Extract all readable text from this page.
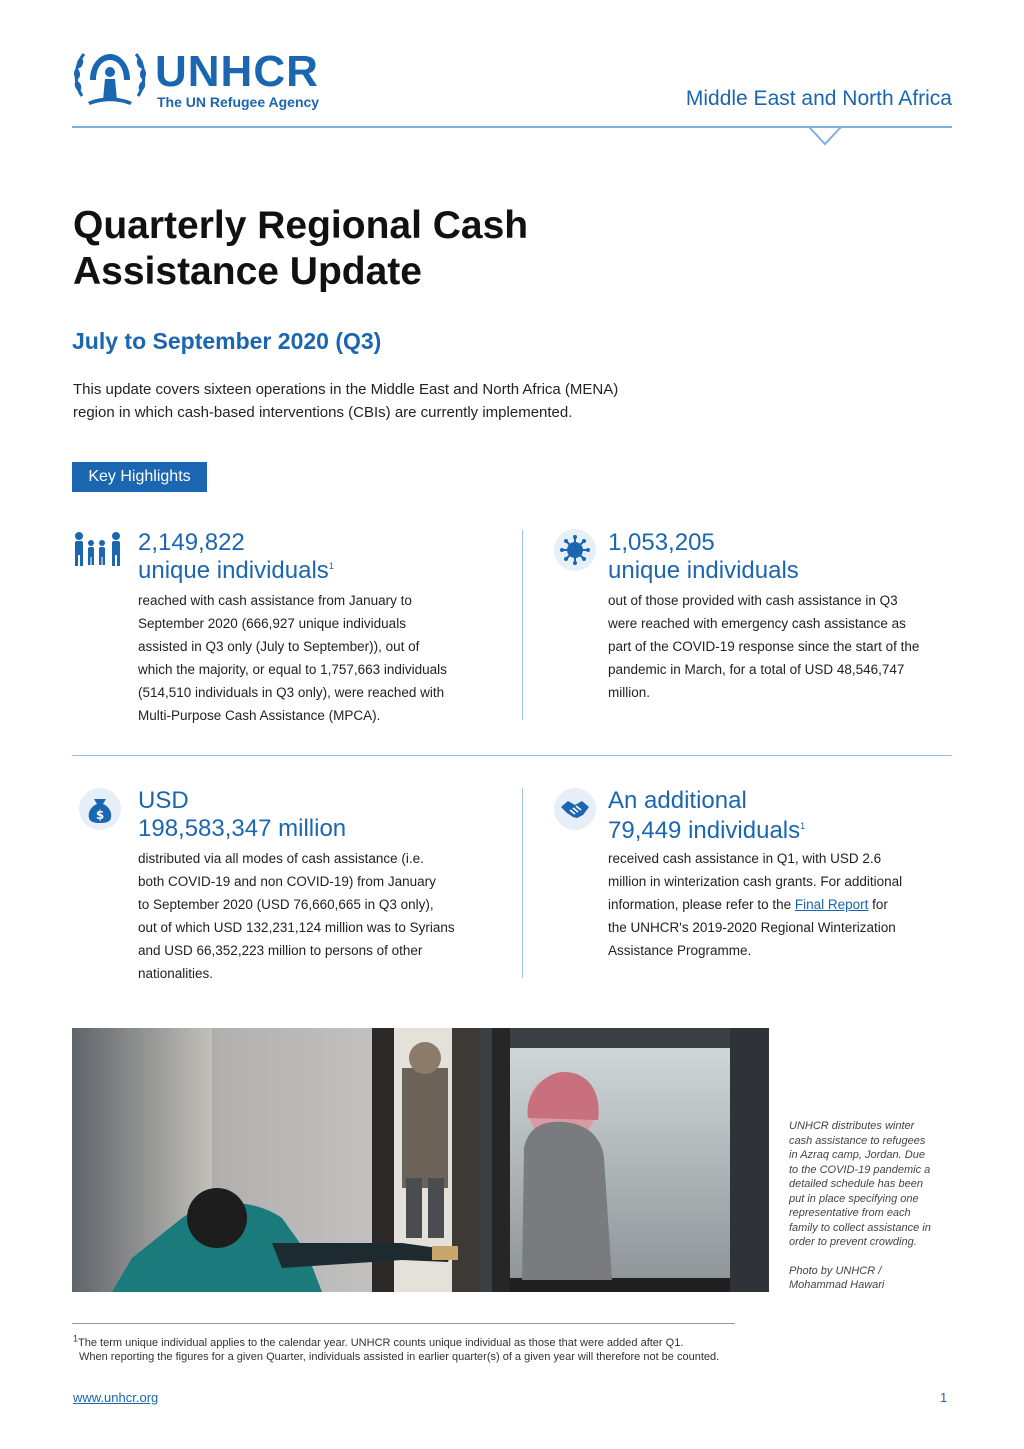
UNHCR
The UN Refugee Agency	Middle East and North Africa
Quarterly Regional Cash
Assistance Update
July to September 2020 (Q3)
This update covers sixteen operations in the Middle East and North Africa (MENA)
region in which cash-based interventions (CBIs) are currently implemented.
Key Highlights
2,149,822
unique individuals$^1$
reached with cash assistance from January to
September 2020 (666,927 unique individuals
assisted in Q3 only (July to September)), out of
which the majority, or equal to 1,757,663 individuals
(514,510 individuals in Q3 only), were reached with
Multi-Purpose Cash Assistance (MPCA).
1,053,205
unique individuals
out of those provided with cash assistance in Q3
were reached with emergency cash assistance as
part of the COVID-19 response since the start of the
pandemic in March, for a total of USD 48,546,747
million.
$
USD
198,583,347 million
distributed via all modes of cash assistance (i.e.
both COVID-19 and non COVID-19) from January
to September 2020 (USD 76,660,665 in Q3 only),
out of which USD 132,231,124 million was to Syrians
and USD 66,352,223 million to persons of other
nationalities.
An additional
79,449 individuals$^1$
received cash assistance in Q1, with USD 2.6
million in winterization cash grants. For additional
information, please refer to the Final Report for
the UNHCR's 2019-2020 Regional Winterization
Assistance Programme.
UNHCR distributes winter
cash assistance to refugees
in Azraq camp, Jordan. Due
to the COVID-19 pandemic a
detailed schedule has been
put in place specifying one
representative from each
family to collect assistance in
order to prevent crowding.
Photo by UNHCR /
Mohammad Hawari
$^1$The term unique individual applies to the calendar year. UNHCR counts unique individual as those that were added after Q1.
When reporting the figures for a given Quarter, individuals assisted in earlier quarter(s) of a given year will therefore not be counted.
www.unhcr.org	1
